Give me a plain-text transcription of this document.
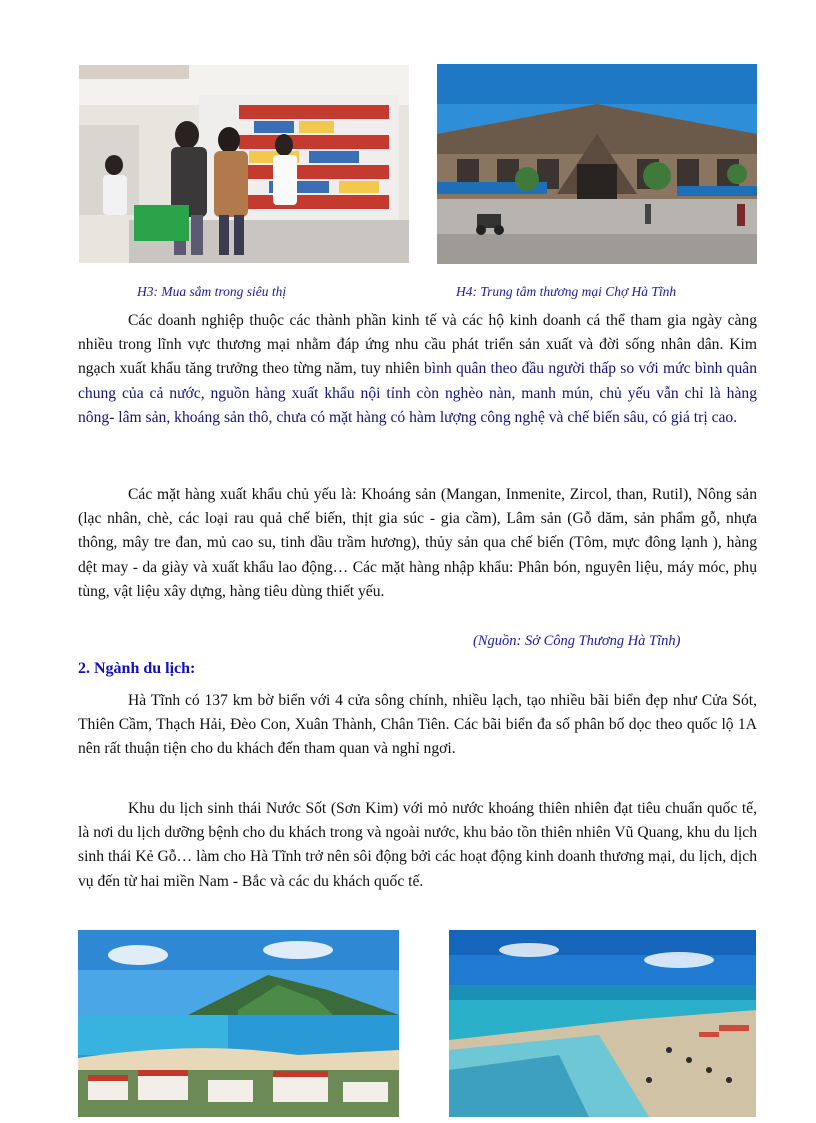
H3: Mua sắm trong siêu thị	H4: Trung tâm thương mại Chợ Hà Tĩnh

Các doanh nghiệp thuộc các thành phần kinh tế và các hộ kinh doanh cá thể tham gia ngày càng nhiều trong lĩnh vực thương mại nhằm đáp ứng nhu cầu phát triển sản xuất và đời sống nhân dân. Kim ngạch xuất khẩu tăng trưởng theo từng năm, tuy nhiên bình quân theo đầu người thấp so với mức bình quân chung của cả nước, nguồn hàng xuất khẩu nội tỉnh còn nghèo nàn, manh mún, chủ yếu vẫn chỉ là hàng nông- lâm sản, khoáng sản thô, chưa có mặt hàng có hàm lượng công nghệ và chế biến sâu, có giá trị cao.

Các mặt hàng xuất khẩu chủ yếu là: Khoáng sản (Mangan, Inmenite, Zircol, than, Rutil), Nông sản (lạc nhân, chè, các loại rau quả chế biến, thịt gia súc - gia cầm), Lâm sản (Gỗ dăm, sản phẩm gỗ, nhựa thông, mây tre đan, mủ cao su, tinh dầu trầm hương), thủy sản qua chế biến (Tôm, mực đông lạnh ), hàng dệt may - da giày và xuất khẩu lao động… Các mặt hàng nhập khẩu: Phân bón, nguyên liệu, máy móc, phụ tùng, vật liệu xây dựng, hàng tiêu dùng thiết yếu.

(Nguồn: Sở Công Thương Hà Tĩnh)
2. Ngành du lịch:

Hà Tĩnh có 137 km bờ biển với 4 cửa sông chính, nhiều lạch, tạo nhiều bãi biển đẹp như Cửa Sót, Thiên Cầm, Thạch Hải, Đèo Con, Xuân Thành, Chân Tiên. Các bãi biển đa số phân bố dọc theo quốc lộ 1A nên rất thuận tiện cho du khách đến tham quan và nghỉ ngơi.

Khu du lịch sinh thái Nước Sốt (Sơn Kim) với mỏ nước khoáng thiên nhiên đạt tiêu chuẩn quốc tế, là nơi du lịch dưỡng bệnh cho du khách trong và ngoài nước, khu bảo tồn thiên nhiên Vũ Quang, khu du lịch sinh thái Kẻ Gỗ… làm cho Hà Tĩnh trở nên sôi động bởi các hoạt động kinh doanh thương mại, du lịch, dịch vụ đến từ hai miền Nam - Bắc và các du khách quốc tế.
